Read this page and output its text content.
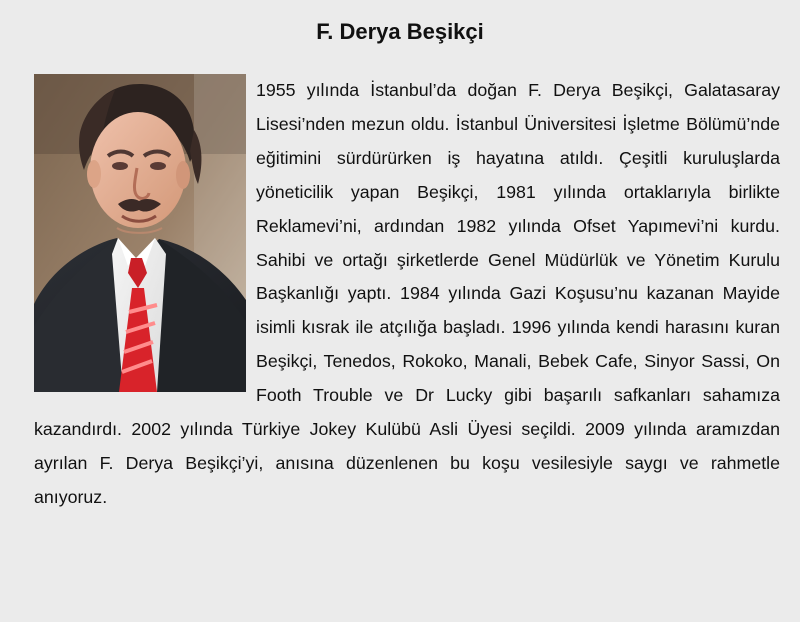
F. Derya Beşikçi

1955 yılında İstanbul’da doğan F. Derya Beşikçi, Galatasaray Lisesi’nden mezun oldu. İstanbul Üniversitesi İşletme Bölümü’nde eğitimini sürdürürken iş hayatına atıldı. Çeşitli kuruluşlarda yöneticilik yapan Beşikçi, 1981 yılında ortaklarıyla birlikte Reklamevi’ni, ardından 1982 yılında Ofset Yapımevi’ni kurdu. Sahibi ve ortağı şirketlerde Genel Müdürlük ve Yönetim Kurulu Başkanlığı yaptı. 1984 yılında Gazi Koşusu’nu kazanan Mayide isimli kısrak ile atçılığa başladı. 1996 yılında kendi harasını kuran Beşikçi, Tenedos, Rokoko, Manali, Bebek Cafe, Sinyor Sassi, On Footh Trouble ve Dr Lucky gibi başarılı safkanları sahamıza kazandırdı. 2002 yılında Türkiye Jokey Kulübü Asli Üyesi seçildi. 2009 yılında aramızdan ayrılan F. Derya Beşikçi’yi, anısına düzenlenen bu koşu vesilesiyle saygı ve rahmetle anıyoruz.
